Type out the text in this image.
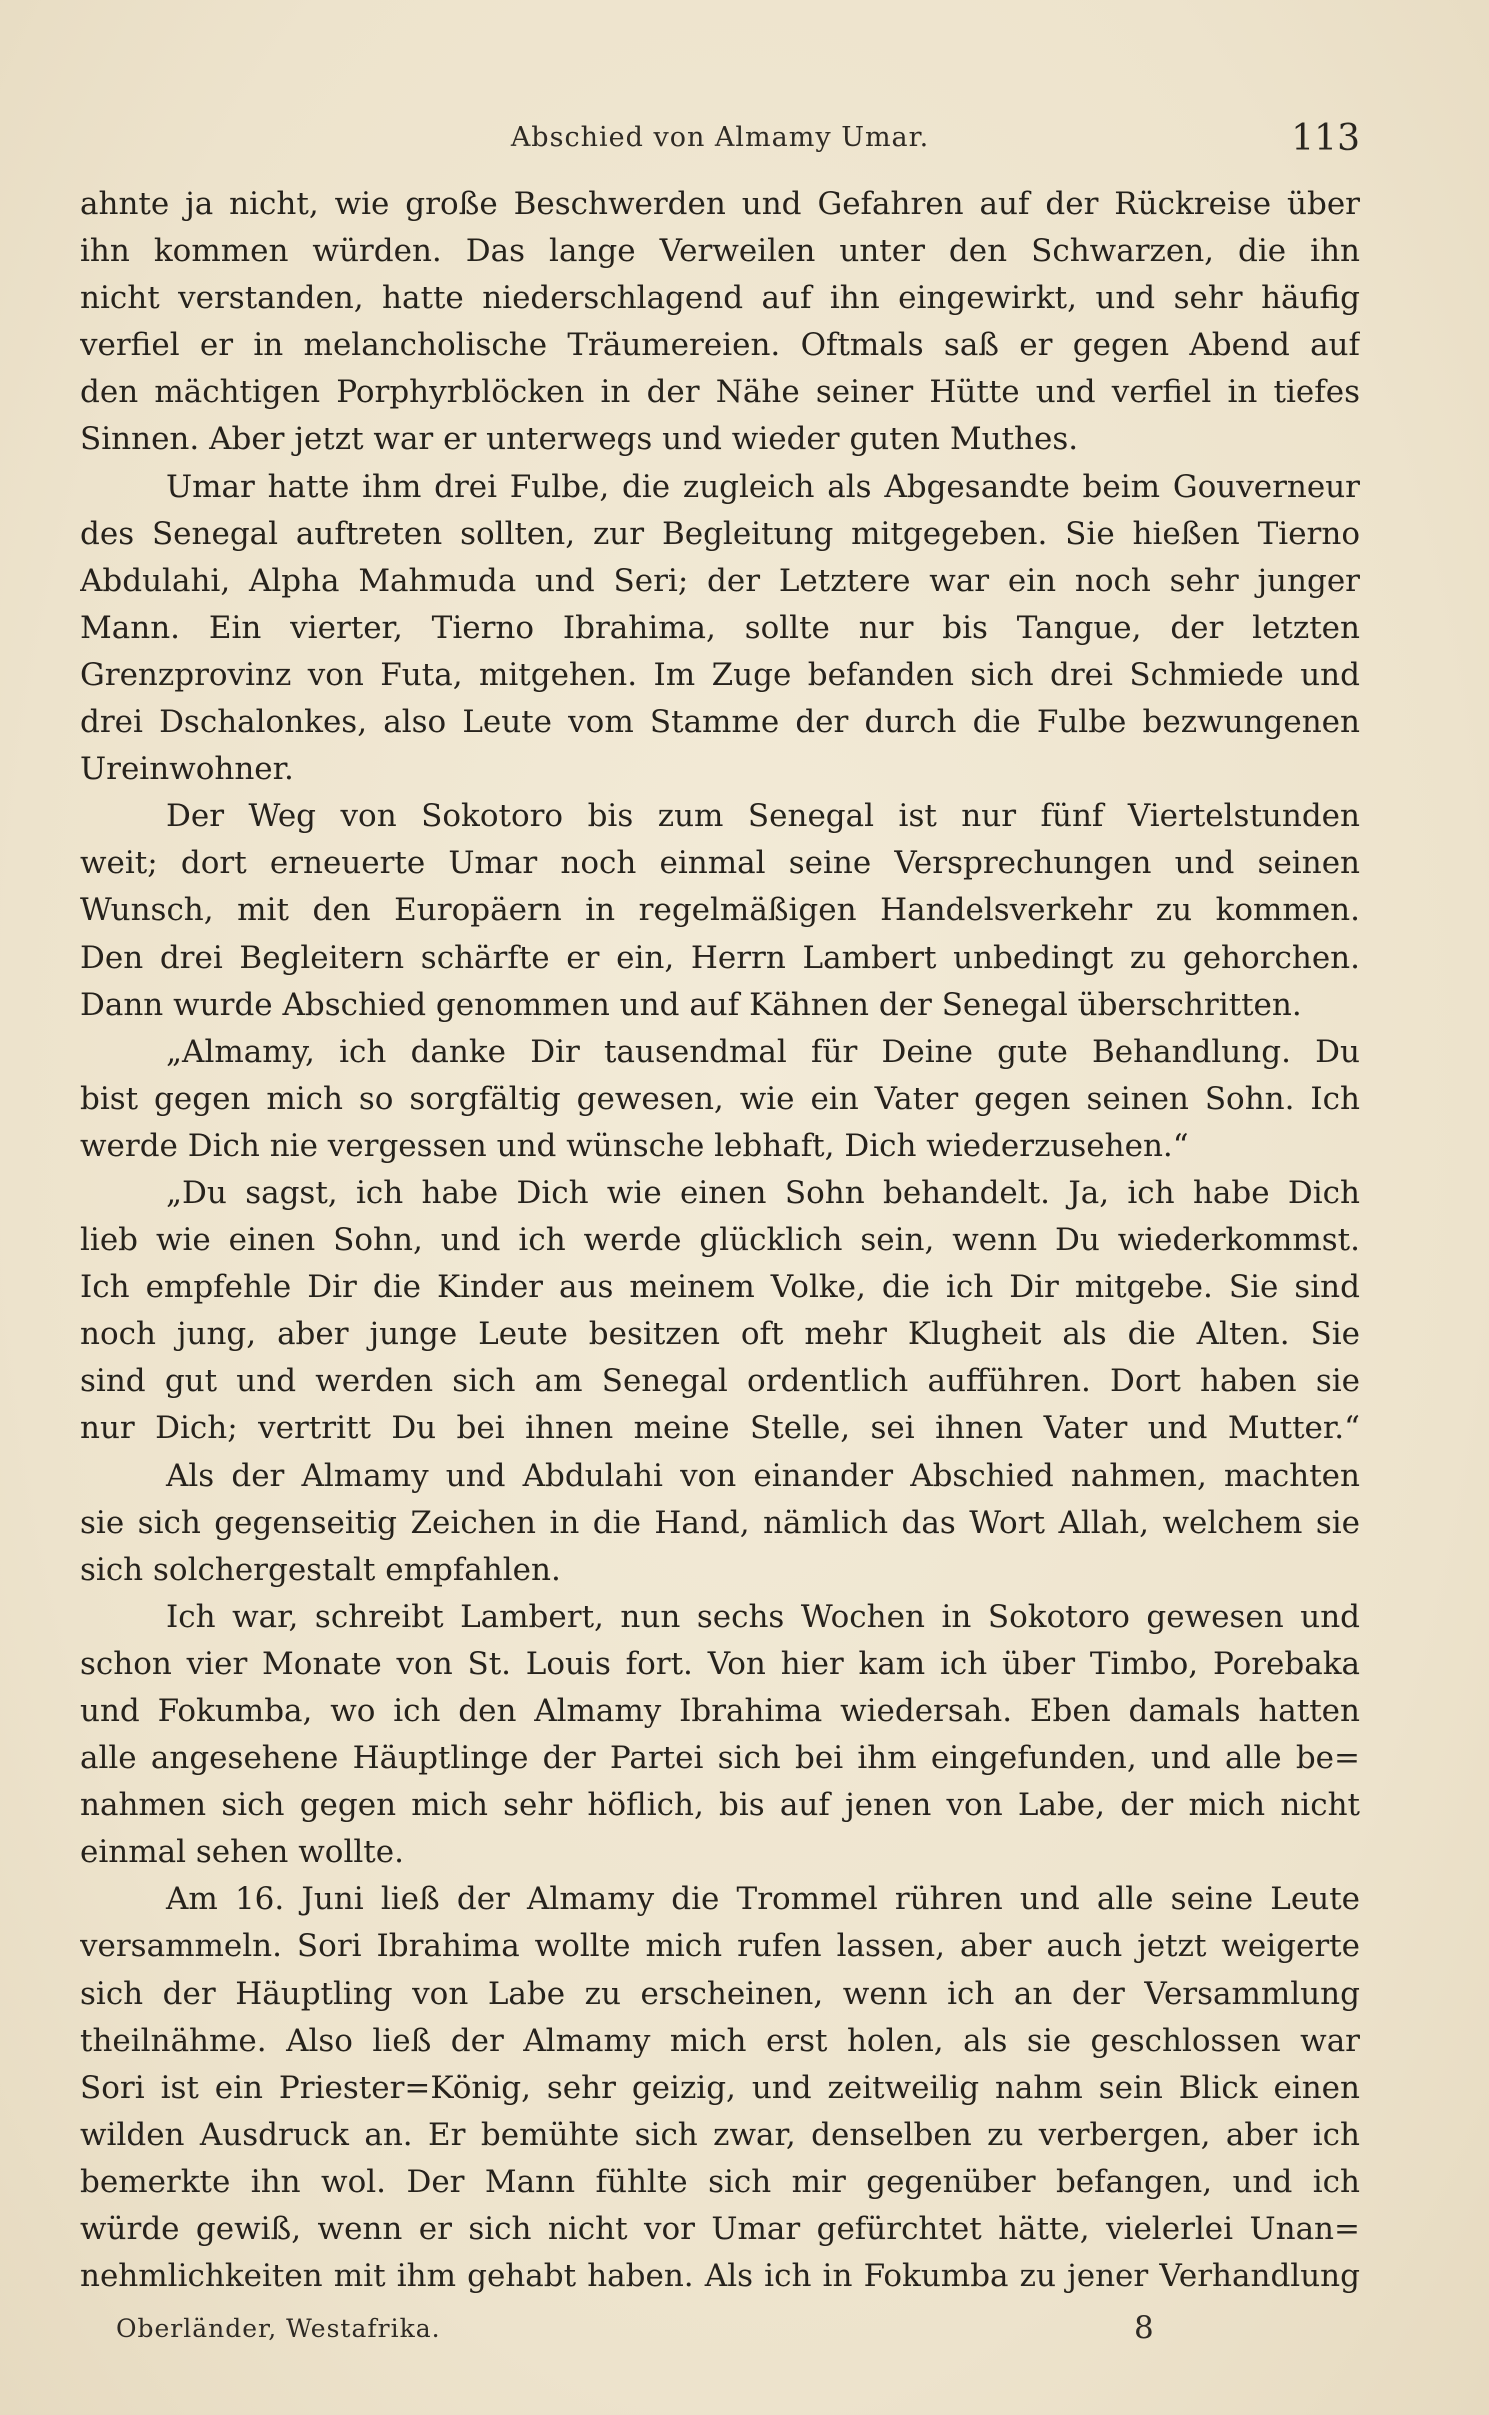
Abschied von Almamy Umar.	113
ahnte ja nicht, wie große Beschwerden und Gefahren auf der Rückreise über
ihn kommen würden. Das lange Verweilen unter den Schwarzen, die ihn
nicht verstanden, hatte niederschlagend auf ihn eingewirkt, und sehr häufig
verfiel er in melancholische Träumereien. Oftmals saß er gegen Abend auf
den mächtigen Porphyrblöcken in der Nähe seiner Hütte und verfiel in tiefes
Sinnen. Aber jetzt war er unterwegs und wieder guten Muthes.
Umar hatte ihm drei Fulbe, die zugleich als Abgesandte beim Gouverneur
des Senegal auftreten sollten, zur Begleitung mitgegeben. Sie hießen Tierno
Abdulahi, Alpha Mahmuda und Seri; der Letztere war ein noch sehr junger
Mann. Ein vierter, Tierno Ibrahima, sollte nur bis Tangue, der letzten
Grenzprovinz von Futa, mitgehen. Im Zuge befanden sich drei Schmiede und
drei Dschalonkes, also Leute vom Stamme der durch die Fulbe bezwungenen
Ureinwohner.
Der Weg von Sokotoro bis zum Senegal ist nur fünf Viertelstunden
weit; dort erneuerte Umar noch einmal seine Versprechungen und seinen
Wunsch, mit den Europäern in regelmäßigen Handelsverkehr zu kommen.
Den drei Begleitern schärfte er ein, Herrn Lambert unbedingt zu gehorchen.
Dann wurde Abschied genommen und auf Kähnen der Senegal überschritten.
„Almamy, ich danke Dir tausendmal für Deine gute Behandlung. Du
bist gegen mich so sorgfältig gewesen, wie ein Vater gegen seinen Sohn. Ich
werde Dich nie vergessen und wünsche lebhaft, Dich wiederzusehen.“
„Du sagst, ich habe Dich wie einen Sohn behandelt. Ja, ich habe Dich
lieb wie einen Sohn, und ich werde glücklich sein, wenn Du wiederkommst.
Ich empfehle Dir die Kinder aus meinem Volke, die ich Dir mitgebe. Sie sind
noch jung, aber junge Leute besitzen oft mehr Klugheit als die Alten. Sie
sind gut und werden sich am Senegal ordentlich aufführen. Dort haben sie
nur Dich; vertritt Du bei ihnen meine Stelle, sei ihnen Vater und Mutter.“
Als der Almamy und Abdulahi von einander Abschied nahmen, machten
sie sich gegenseitig Zeichen in die Hand, nämlich das Wort Allah, welchem sie
sich solchergestalt empfahlen.
Ich war, schreibt Lambert, nun sechs Wochen in Sokotoro gewesen und
schon vier Monate von St. Louis fort. Von hier kam ich über Timbo, Porebaka
und Fokumba, wo ich den Almamy Ibrahima wiedersah. Eben damals hatten
alle angesehene Häuptlinge der Partei sich bei ihm eingefunden, und alle be=
nahmen sich gegen mich sehr höflich, bis auf jenen von Labe, der mich nicht
einmal sehen wollte.
Am 16. Juni ließ der Almamy die Trommel rühren und alle seine Leute
versammeln. Sori Ibrahima wollte mich rufen lassen, aber auch jetzt weigerte
sich der Häuptling von Labe zu erscheinen, wenn ich an der Versammlung
theilnähme. Also ließ der Almamy mich erst holen, als sie geschlossen war
Sori ist ein Priester=König, sehr geizig, und zeitweilig nahm sein Blick einen
wilden Ausdruck an. Er bemühte sich zwar, denselben zu verbergen, aber ich
bemerkte ihn wol. Der Mann fühlte sich mir gegenüber befangen, und ich
würde gewiß, wenn er sich nicht vor Umar gefürchtet hätte, vielerlei Unan=
nehmlichkeiten mit ihm gehabt haben. Als ich in Fokumba zu jener Verhandlung
Oberländer, Westafrika.	8
